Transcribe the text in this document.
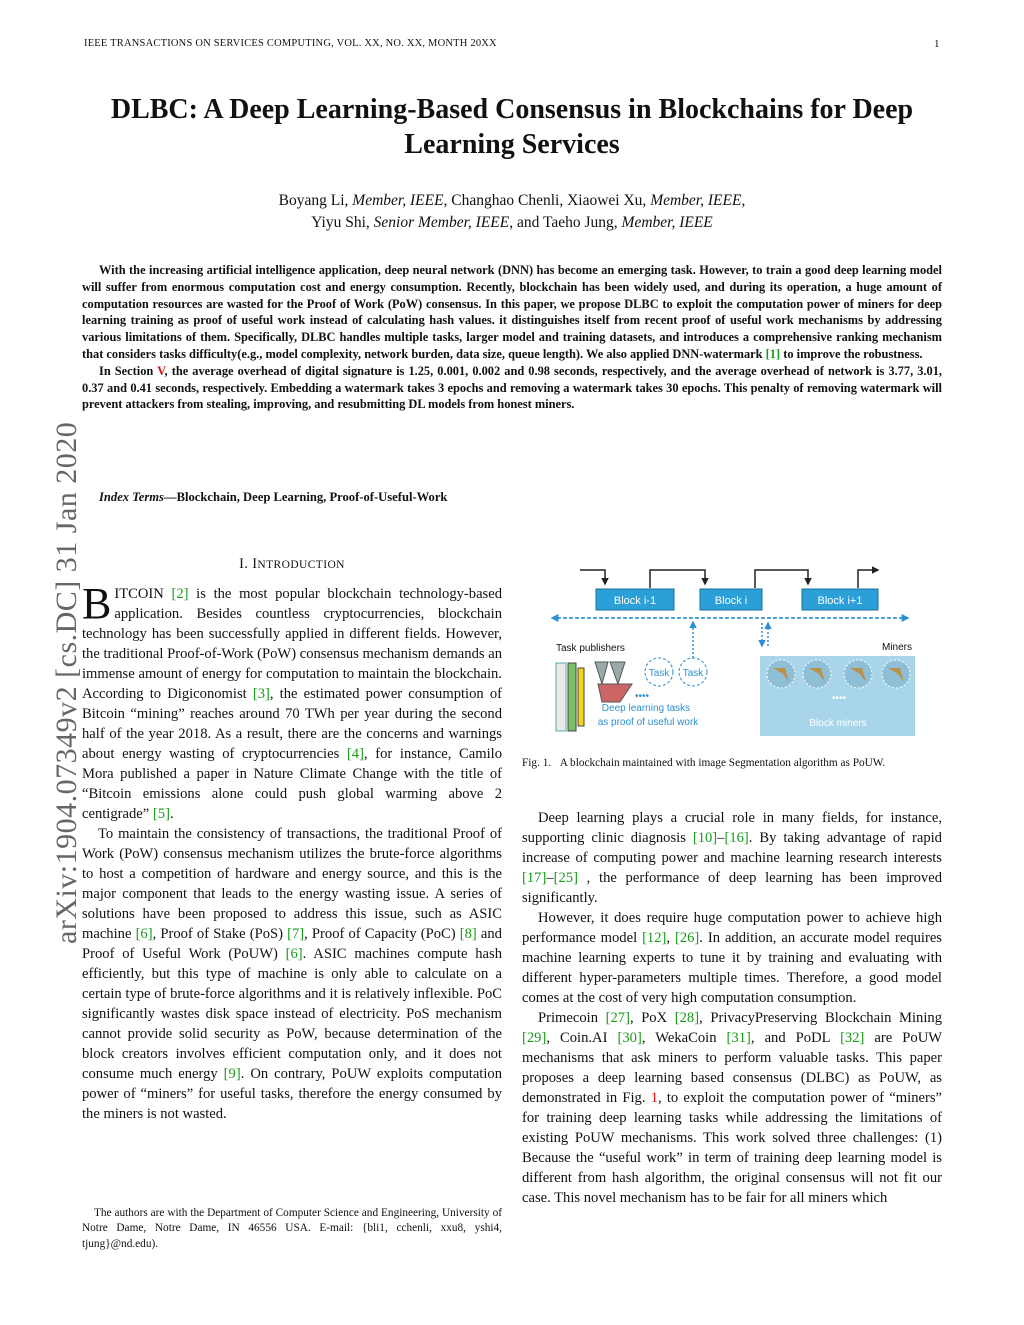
IEEE TRANSACTIONS ON SERVICES COMPUTING, VOL. XX, NO. XX, MONTH 20XX	1
DLBC: A Deep Learning-Based Consensus in Blockchains for Deep Learning Services
Boyang Li, Member, IEEE, Changhao Chenli, Xiaowei Xu, Member, IEEE,
Yiyu Shi, Senior Member, IEEE, and Taeho Jung, Member, IEEE

With the increasing artificial intelligence application, deep neural network (DNN) has become an emerging task. However, to train a good deep learning model will suffer from enormous computation cost and energy consumption. Recently, blockchain has been widely used, and during its operation, a huge amount of computation resources are wasted for the Proof of Work (PoW) consensus. In this paper, we propose DLBC to exploit the computation power of miners for deep learning training as proof of useful work instead of calculating hash values. it distinguishes itself from recent proof of useful work mechanisms by addressing various limitations of them. Specifically, DLBC handles multiple tasks, larger model and training datasets, and introduces a comprehensive ranking mechanism that considers tasks difficulty(e.g., model complexity, network burden, data size, queue length). We also applied DNN-watermark [1] to improve the robustness.

In Section V, the average overhead of digital signature is 1.25, 0.001, 0.002 and 0.98 seconds, respectively, and the average overhead of network is 3.77, 3.01, 0.37 and 0.41 seconds, respectively. Embedding a watermark takes 3 epochs and removing a watermark takes 30 epochs. This penalty of removing watermark will prevent attackers from stealing, improving, and resubmitting DL models from honest miners.

Index Terms—Blockchain, Deep Learning, Proof-of-Useful-Work
arXiv:1904.07349v2 [cs.DC] 31 Jan 2020	I. INTRODUCTION

BITCOIN [2] is the most popular blockchain technology-based application. Besides countless cryptocurrencies, blockchain technology has been successfully applied in different fields. However, the traditional Proof-of-Work (PoW) consensus mechanism demands an immense amount of energy for computation to maintain the blockchain. According to Digiconomist [3], the estimated power consumption of Bitcoin “mining” reaches around 70 TWh per year during the second half of the year 2018. As a result, there are the concerns and warnings about energy wasting of cryptocurrencies [4], for instance, Camilo Mora published a paper in Nature Climate Change with the title of “Bitcoin emissions alone could push global warming above 2 centigrade” [5].

To maintain the consistency of transactions, the traditional Proof of Work (PoW) consensus mechanism utilizes the brute-force algorithms to host a competition of hardware and energy source, and this is the major component that leads to the energy wasting issue. A series of solutions have been proposed to address this issue, such as ASIC machine [6], Proof of Stake (PoS) [7], Proof of Capacity (PoC) [8] and Proof of Useful Work (PoUW) [6]. ASIC machines compute hash efficiently, but this type of machine is only able to calculate on a certain type of brute-force algorithms and it is relatively inflexible. PoC significantly wastes disk space instead of electricity. PoS mechanism cannot provide solid security as PoW, because determination of the block creators involves efficient computation only, and it does not consume much energy [9]. On contrary, PoUW exploits computation power of “miners” for useful tasks, therefore the energy consumed by the miners is not wasted.

The authors are with the Department of Computer Science and Engineering, University of Notre Dame, Notre Dame, IN 46556 USA. E-mail: {bli1, cchenli, xxu8, yshi4, tjung}@nd.edu).

Block i-1	Block i	Block i+1
Task publishers
Task Task
••••
Deep learning tasks
as proof of useful work
Miners
••••
Block miners
Fig. 1. A blockchain maintained with image Segmentation algorithm as PoUW.

Deep learning plays a crucial role in many fields, for instance, supporting clinic diagnosis [10]–[16]. By taking advantage of rapid increase of computing power and machine learning research interests [17]–[25] , the performance of deep learning has been improved significantly.

However, it does require huge computation power to achieve high performance model [12], [26]. In addition, an accurate model requires machine learning experts to tune it by training and evaluating with different hyper-parameters multiple times. Therefore, a good model comes at the cost of very high computation consumption.

Primecoin [27], PoX [28], PrivacyPreserving Blockchain Mining [29], Coin.AI [30], WekaCoin [31], and PoDL [32] are PoUW mechanisms that ask miners to perform valuable tasks. This paper proposes a deep learning based consensus (DLBC) as PoUW, as demonstrated in Fig. 1, to exploit the computation power of “miners” for training deep learning tasks while addressing the limitations of existing PoUW mechanisms. This work solved three challenges: (1) Because the “useful work” in term of training deep learning model is different from hash algorithm, the original consensus will not fit our case. This novel mechanism has to be fair for all miners which
